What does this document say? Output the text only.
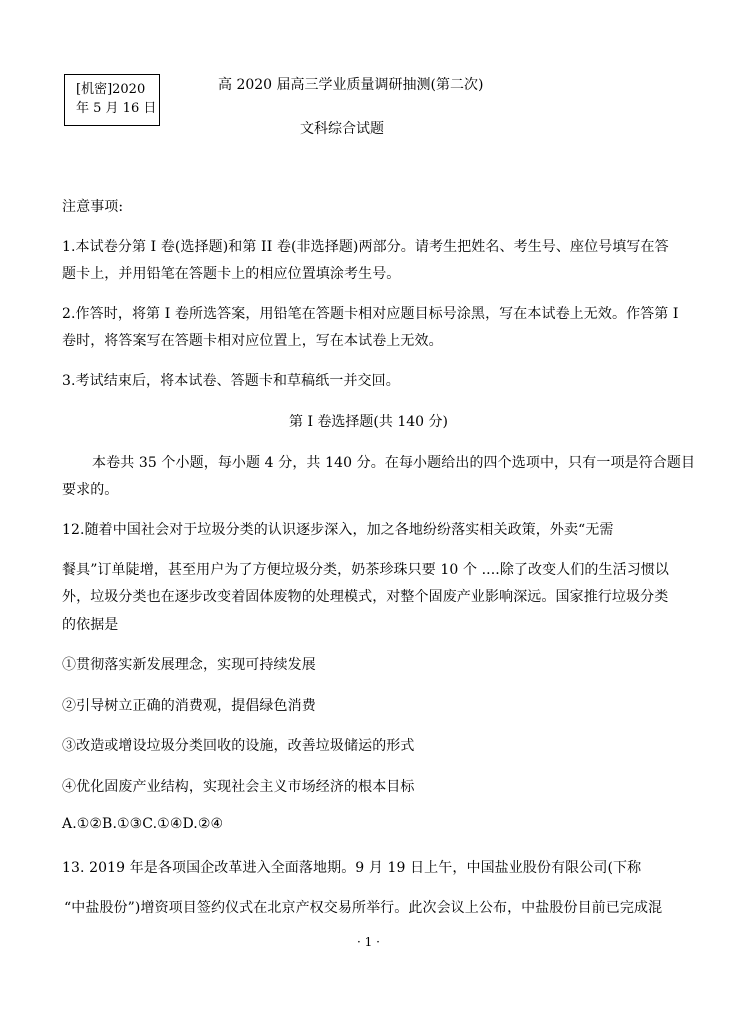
[机密]2020
年 5 月 16 日
高 2020 届高三学业质量调研抽测(第二次)
文科综合试题
注意事项:
1.本试卷分第 I 卷(选择题)和第 II 卷(非选择题)两部分。请考生把姓名、考生号、座位号填写在答
题卡上，并用铅笔在答题卡上的相应位置填涂考生号。
2.作答时，将第 I 卷所选答案，用铅笔在答题卡相对应题目标号涂黑，写在本试卷上无效。作答第 I
卷时，将答案写在答题卡相对应位置上，写在本试卷上无效。
3.考试结束后，将本试卷、答题卡和草稿纸一并交回。
第 I 卷选择题(共 140 分)
本卷共 35 个小题，每小题 4 分，共 140 分。在每小题给出的四个选项中，只有一项是符合题目
要求的。
12.随着中国社会对于垃圾分类的认识逐步深入，加之各地纷纷落实相关政策，外卖“无需
餐具”订单陡增，甚至用户为了方便垃圾分类，奶茶珍珠只要 10 个 ....除了改变人们的生活习惯以
外，垃圾分类也在逐步改变着固体废物的处理模式，对整个固废产业影响深远。国家推行垃圾分类
的依据是
①贯彻落实新发展理念，实现可持续发展
②引导树立正确的消费观，提倡绿色消费
③改造或增设垃圾分类回收的设施，改善垃圾储运的形式
④优化固废产业结构，实现社会主义市场经济的根本目标
A.①②B.①③C.①④D.②④
13. 2019 年是各项国企改革进入全面落地期。9 月 19 日上午，中国盐业股份有限公司(下称
“中盐股份”)增资项目签约仪式在北京产权交易所举行。此次会议上公布，中盐股份目前已完成混
· 1 ·
